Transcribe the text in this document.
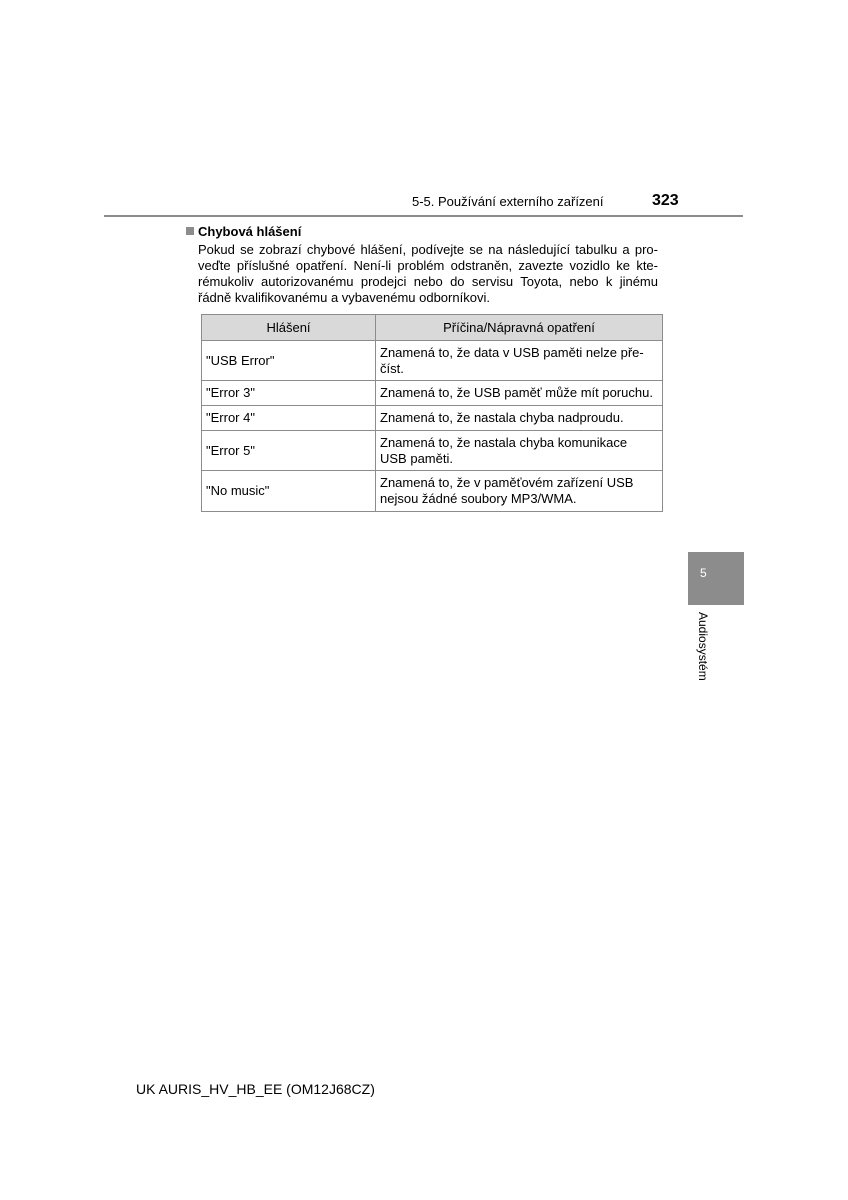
5-5. Používání externího zařízení	323
Chybová hlášení
Pokud se zobrazí chybové hlášení, podívejte se na následující tabulku a pro-
veďte příslušné opatření. Není-li problém odstraněn, zavezte vozidlo ke kte-
rémukoliv autorizovanému prodejci nebo do servisu Toyota, nebo k jinému
řádně kvalifikovanému a vybavenému odborníkovi.
Hlášení	Příčina/Nápravná opatření
"USB Error"	Znamená to, že data v USB paměti nelze pře-
číst.

"Error 3"	Znamená to, že USB paměť může mít poruchu.

"Error 4"	Znamená to, že nastala chyba nadproudu.

"Error 5"	Znamená to, že nastala chyba komunikace
USB paměti.

"No music"	Znamená to, že v paměťovém zařízení USB
nejsou žádné soubory MP3/WMA.
5
Audiosystém
UK AURIS_HV_HB_EE (OM12J68CZ)
